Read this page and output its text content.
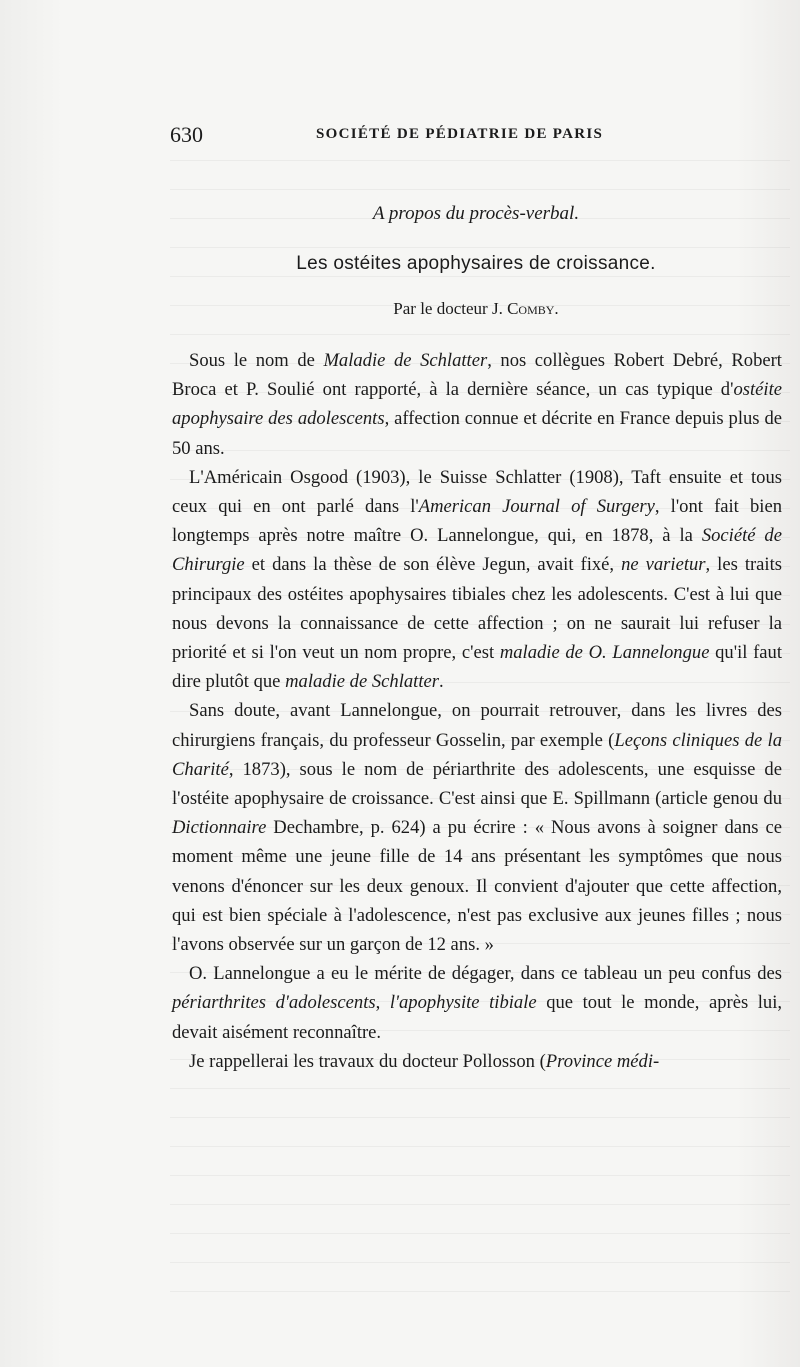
630	SOCIÉTÉ DE PÉDIATRIE DE PARIS
A propos du procès-verbal.
Les ostéites apophysaires de croissance.
Par le docteur J. Comby.

Sous le nom de Maladie de Schlatter, nos collègues Robert Debré, Robert Broca et P. Soulié ont rapporté, à la dernière séance, un cas typique d'ostéite apophysaire des adolescents, affection connue et décrite en France depuis plus de 50 ans.

L'Américain Osgood (1903), le Suisse Schlatter (1908), Taft ensuite et tous ceux qui en ont parlé dans l'American Journal of Surgery, l'ont fait bien longtemps après notre maître O. Lannelongue, qui, en 1878, à la Société de Chirurgie et dans la thèse de son élève Jegun, avait fixé, ne varietur, les traits principaux des ostéites apophysaires tibiales chez les adolescents. C'est à lui que nous devons la connaissance de cette affection ; on ne saurait lui refuser la priorité et si l'on veut un nom propre, c'est maladie de O. Lannelongue qu'il faut dire plutôt que maladie de Schlatter.

Sans doute, avant Lannelongue, on pourrait retrouver, dans les livres des chirurgiens français, du professeur Gosselin, par exemple (Leçons cliniques de la Charité, 1873), sous le nom de périarthrite des adolescents, une esquisse de l'ostéite apophysaire de croissance. C'est ainsi que E. Spillmann (article genou du Dictionnaire Dechambre, p. 624) a pu écrire : « Nous avons à soigner dans ce moment même une jeune fille de 14 ans présentant les symptômes que nous venons d'énoncer sur les deux genoux. Il convient d'ajouter que cette affection, qui est bien spéciale à l'adolescence, n'est pas exclusive aux jeunes filles ; nous l'avons observée sur un garçon de 12 ans. »

O. Lannelongue a eu le mérite de dégager, dans ce tableau un peu confus des périarthrites d'adolescents, l'apophysite tibiale que tout le monde, après lui, devait aisément reconnaître.

Je rappellerai les travaux du docteur Pollosson (Province médi-
